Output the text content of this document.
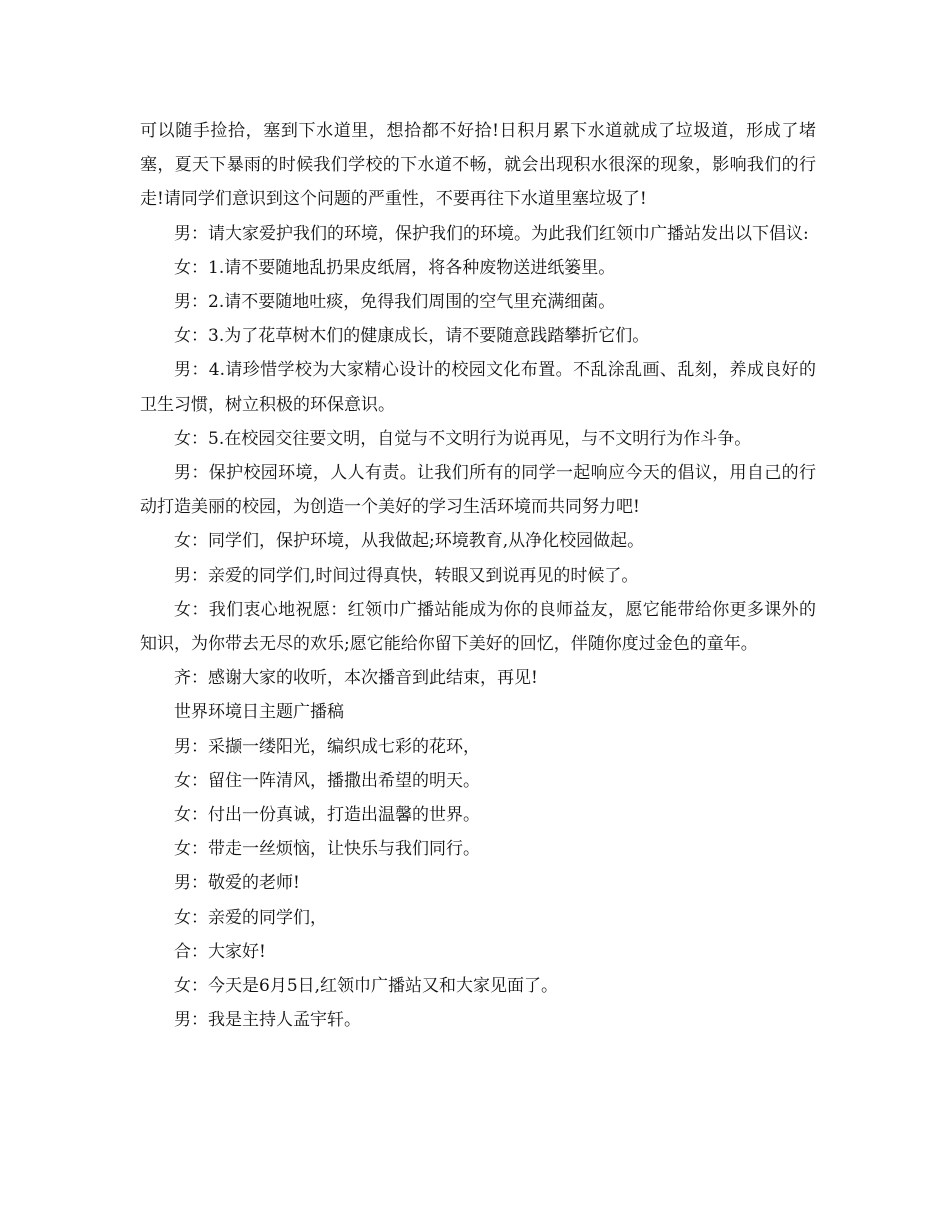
可以随手捡拾，塞到下水道里，想拾都不好拾!日积月累下水道就成了垃圾道，形成了堵塞，夏天下暴雨的时候我们学校的下水道不畅，就会出现积水很深的现象，影响我们的行走!请同学们意识到这个问题的严重性，不要再往下水道里塞垃圾了!

男：请大家爱护我们的环境，保护我们的环境。为此我们红领巾广播站发出以下倡议:

女：1.请不要随地乱扔果皮纸屑，将各种废物送进纸篓里。

男：2.请不要随地吐痰，免得我们周围的空气里充满细菌。

女：3.为了花草树木们的健康成长，请不要随意践踏攀折它们。

男：4.请珍惜学校为大家精心设计的校园文化布置。不乱涂乱画、乱刻，养成良好的卫生习惯，树立积极的环保意识。

女：5.在校园交往要文明，自觉与不文明行为说再见，与不文明行为作斗争。

男：保护校园环境，人人有责。让我们所有的同学一起响应今天的倡议，用自己的行动打造美丽的校园，为创造一个美好的学习生活环境而共同努力吧!

女：同学们，保护环境，从我做起;环境教育,从净化校园做起。

男：亲爱的同学们,时间过得真快，转眼又到说再见的时候了。

女：我们衷心地祝愿：红领巾广播站能成为你的良师益友，愿它能带给你更多课外的知识，为你带去无尽的欢乐;愿它能给你留下美好的回忆，伴随你度过金色的童年。

齐：感谢大家的收听，本次播音到此结束，再见!

世界环境日主题广播稿

男：采撷一缕阳光，编织成七彩的花环，

女：留住一阵清风，播撒出希望的明天。

女：付出一份真诚，打造出温馨的世界。

女：带走一丝烦恼，让快乐与我们同行。

男：敬爱的老师!

女：亲爱的同学们，

合：大家好!

女：今天是6月5日,红领巾广播站又和大家见面了。

男：我是主持人孟宇轩。
